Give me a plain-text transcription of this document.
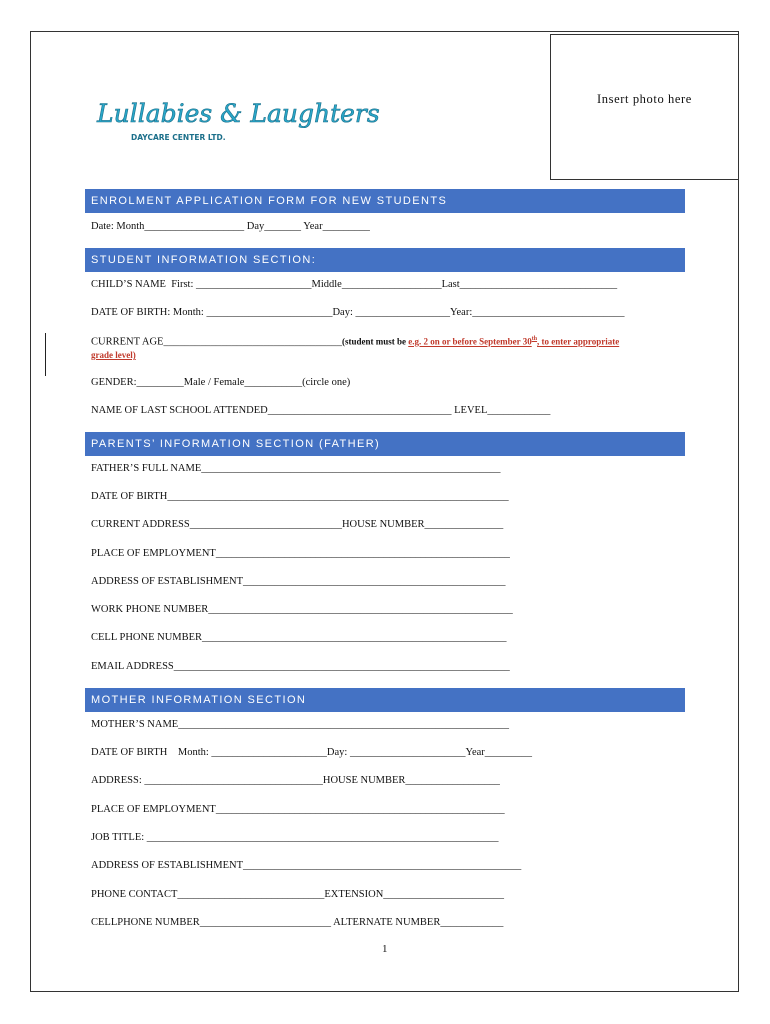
Insert photo here
Lullabies & Laughters
DAYCARE CENTER LTD.
ENROLMENT APPLICATION FORM FOR NEW STUDENTS
Date: Month___________________ Day_______ Year_________
STUDENT INFORMATION SECTION:
CHILD’S NAME  First: ______________________Middle___________________Last______________________________
DATE OF BIRTH: Month: ________________________Day: __________________Year:_____________________________
CURRENT AGE__________________________________(student must be e.g. 2 on or before September 30th, to enter appropriate
grade level)
GENDER:_________Male / Female___________(circle one)
NAME OF LAST SCHOOL ATTENDED___________________________________ LEVEL____________
PARENTS’ INFORMATION SECTION (FATHER)
FATHER’S FULL NAME_________________________________________________________
DATE OF BIRTH_________________________________________________________________
CURRENT ADDRESS_____________________________HOUSE NUMBER_______________
PLACE OF EMPLOYMENT________________________________________________________
ADDRESS OF ESTABLISHMENT__________________________________________________
WORK PHONE NUMBER__________________________________________________________
CELL PHONE NUMBER__________________________________________________________
EMAIL ADDRESS________________________________________________________________
MOTHER INFORMATION SECTION
MOTHER’S NAME_______________________________________________________________
DATE OF BIRTH    Month: ______________________Day: ______________________Year_________
ADDRESS: __________________________________HOUSE NUMBER__________________
PLACE OF EMPLOYMENT_______________________________________________________
JOB TITLE: ___________________________________________________________________
ADDRESS OF ESTABLISHMENT_____________________________________________________
PHONE CONTACT____________________________EXTENSION_______________________
CELLPHONE NUMBER_________________________ ALTERNATE NUMBER____________
1
